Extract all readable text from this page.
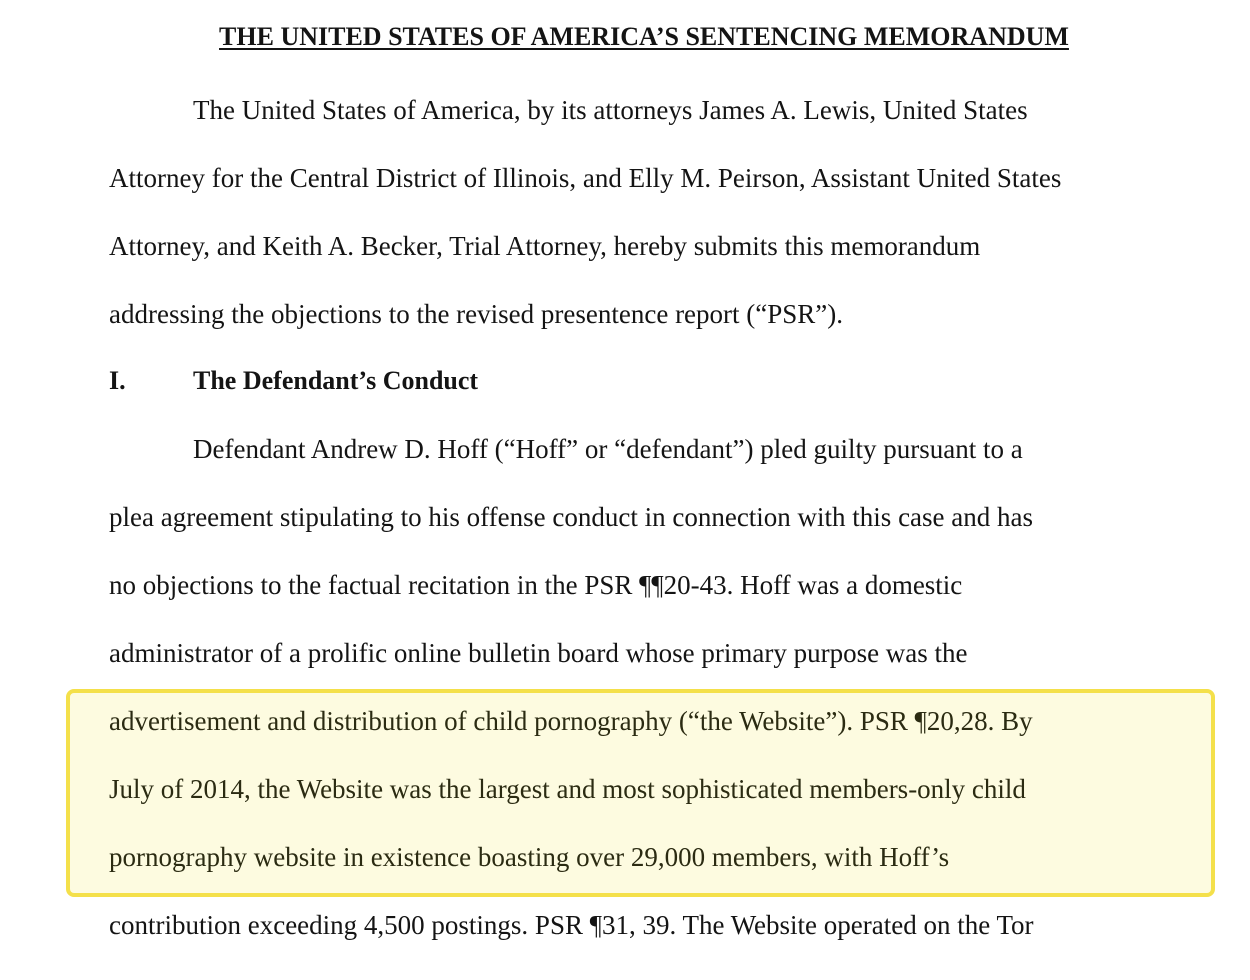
THE UNITED STATES OF AMERICA’S SENTENCING MEMORANDUM
The United States of America, by its attorneys James A. Lewis, United States
Attorney for the Central District of Illinois, and Elly M. Peirson, Assistant United States
Attorney, and Keith A. Becker, Trial Attorney, hereby submits this memorandum
addressing the objections to the revised presentence report (“PSR”).
I.	The Defendant’s Conduct
Defendant Andrew D. Hoff (“Hoff” or “defendant”) pled guilty pursuant to a
plea agreement stipulating to his offense conduct in connection with this case and has
no objections to the factual recitation in the PSR ¶¶20-43. Hoff was a domestic
administrator of a prolific online bulletin board whose primary purpose was the
advertisement and distribution of child pornography (“the Website”). PSR ¶20,28. By
July of 2014, the Website was the largest and most sophisticated members-only child
pornography website in existence boasting over 29,000 members, with Hoff’s
contribution exceeding 4,500 postings. PSR ¶31, 39. The Website operated on the Tor
